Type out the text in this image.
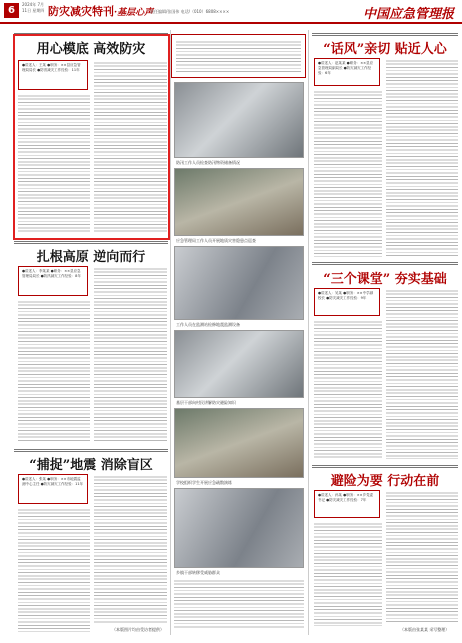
6
2024年 7月11日 星期四 防灾减灾特刊·基层心声
责任编辑/张国伟 电话/（010）6808××××	中国应急管理报
用心模底 高效防灾
●讲述人：王某 ●职务：××县应急管理局局长 ●防汛减灾工作经验：11年
扎根高原 逆向而行
●讲述人：李某某 ●职务：××县应急管理局局长 ●防汛减灾工作经验：8年
“捕捉”地震 消除盲区
●讲述人：张某 ●职务：××市地震监测中心主任 ●防灾减灾工作经验：11年
（本版图片均由受访者提供）
防汛工作人员检查防汛物资储备情况
应急管理局工作人员开展地质灾害隐患点巡查
工作人员在监测站检修地震监测设备
基层干部向村民讲解防灾避险知识
学校组织学生开展应急疏散演练
乡镇干部转移受威胁群众
“话风”亲切 贴近人心
●讲述人：赵某某 ●职务：××县应急管理局副局长 ●防灾减灾工作经验：6年
“三个课堂” 夯实基础
●讲述人：吴某 ●职务：××中学副校长 ●防灾减灾工作经验：9年
避险为要 行动在前
●讲述人：孙某 ●职务：××乡党委书记 ●防灾减灾工作经验：7年
（本版由张某某 采写整理）
